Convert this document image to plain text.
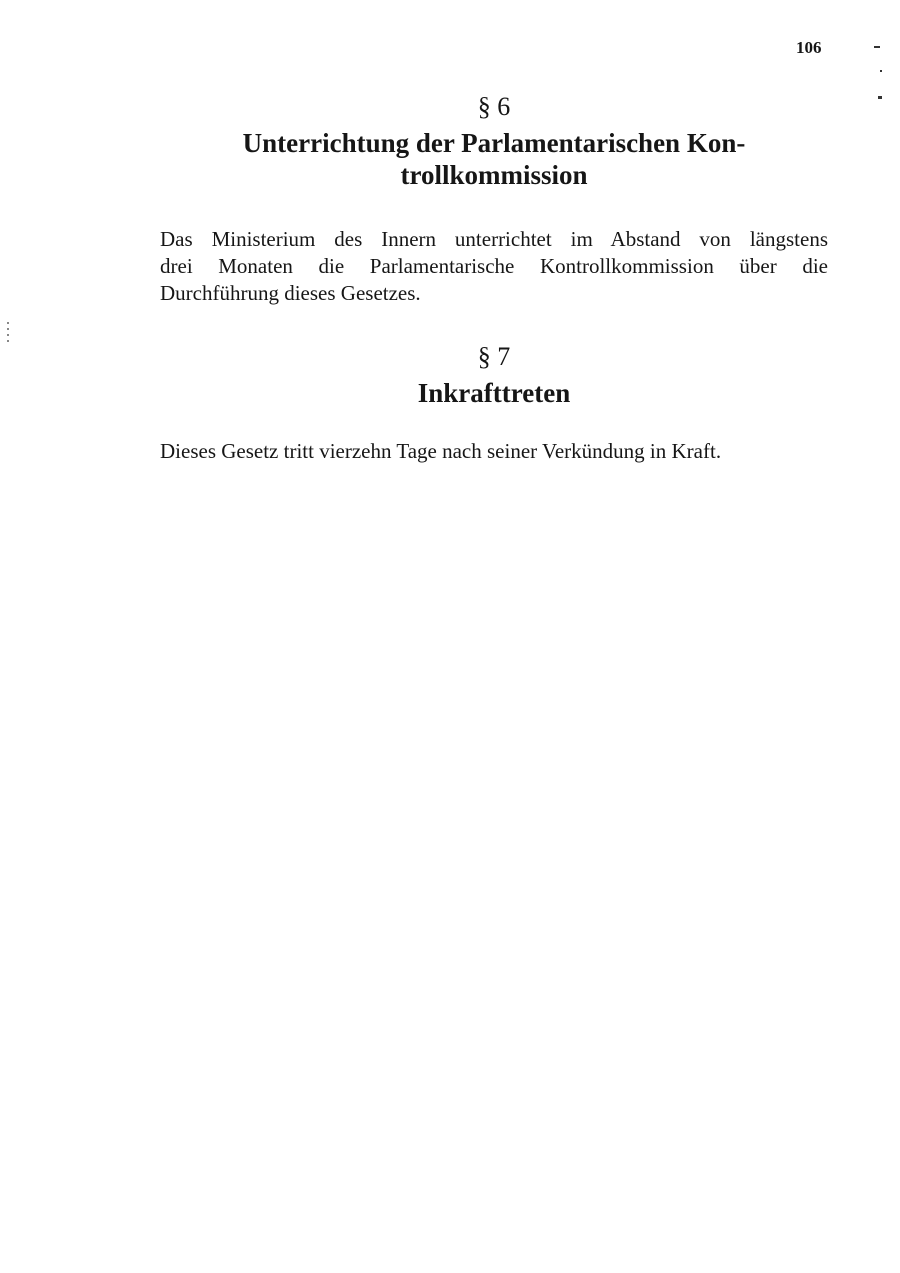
106
§ 6
Unterrichtung der Parlamentarischen Kon-
trollkommission
Das Ministerium des Innern unterrichtet im Abstand von längstens
drei Monaten die Parlamentarische Kontrollkommission über die
Durchführung dieses Gesetzes.
§ 7
Inkrafttreten
Dieses Gesetz tritt vierzehn Tage nach seiner Verkündung in Kraft.
